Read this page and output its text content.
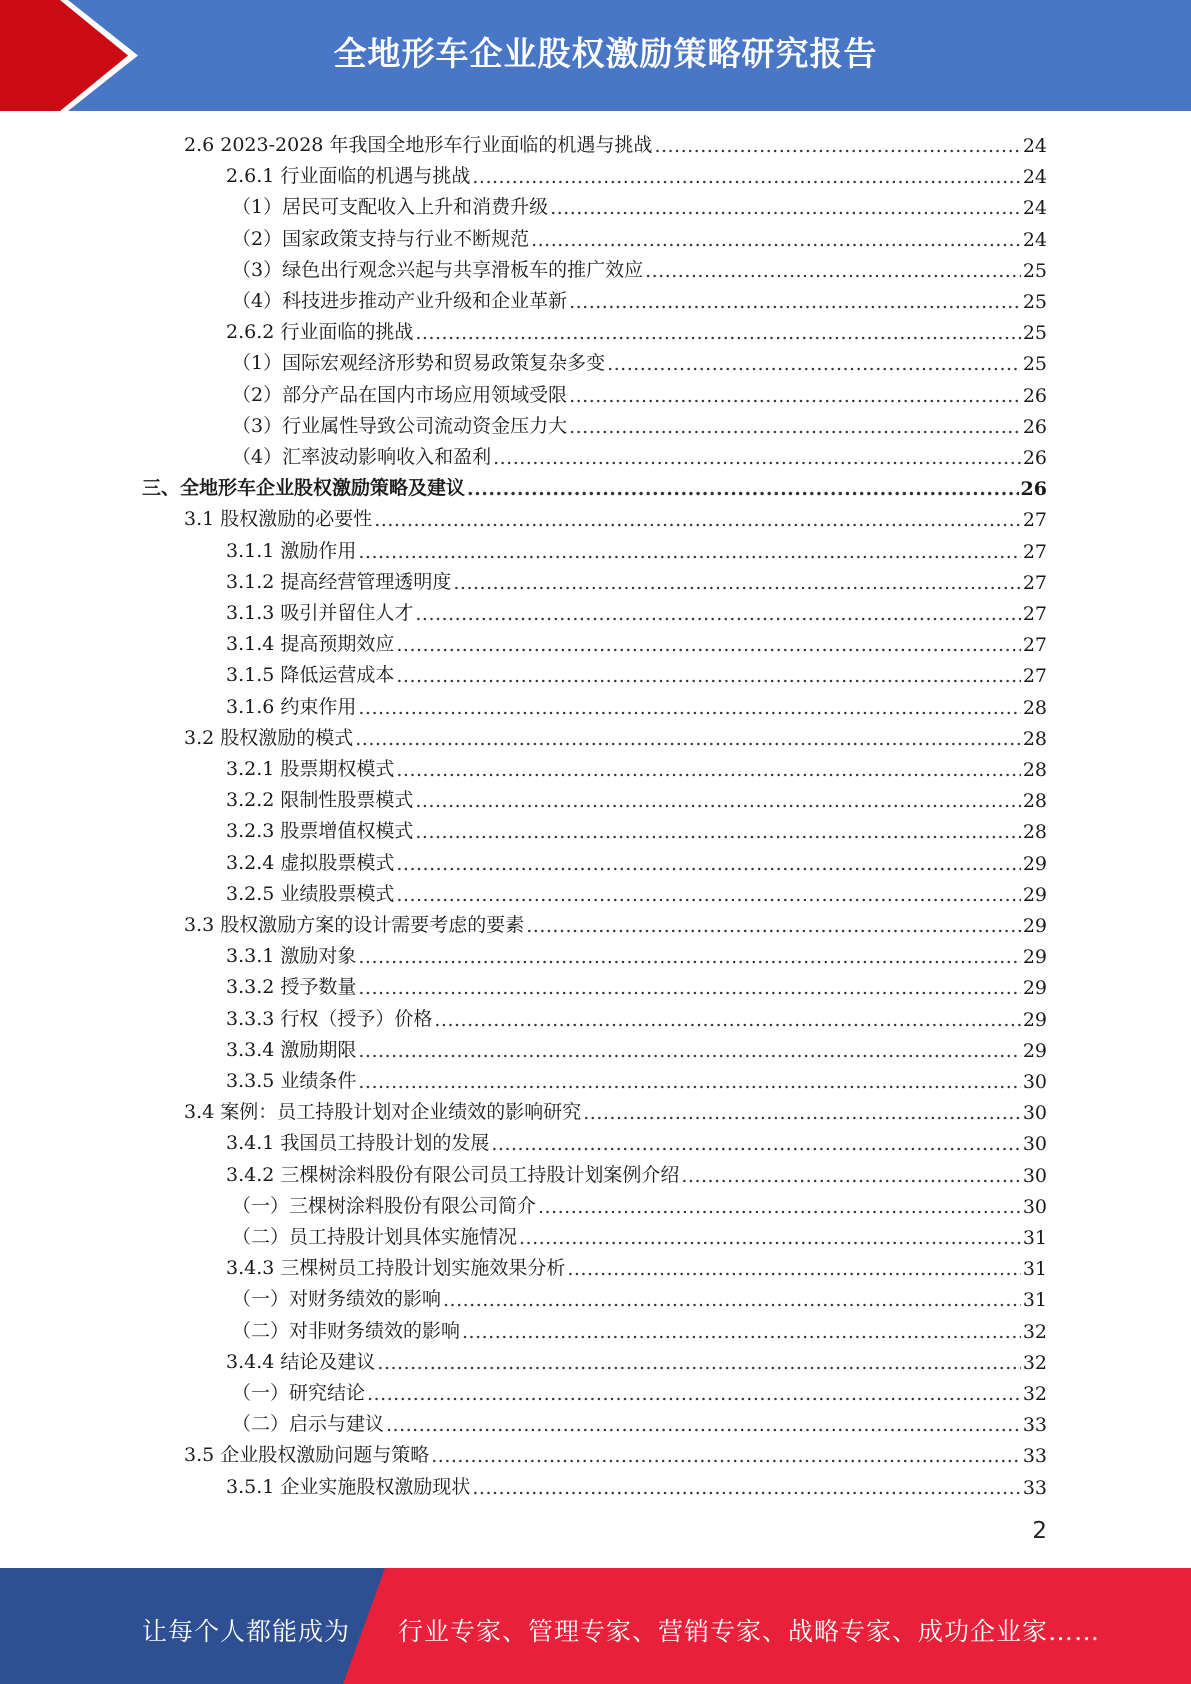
全地形车企业股权激励策略研究报告
2.6 2023-2028 年我国全地形车行业面临的机遇与挑战 .....	24
2.6.1 行业面临的机遇与挑战 .....	24
（1）居民可支配收入上升和消费升级 .....	24
（2）国家政策支持与行业不断规范 .....	24
（3）绿色出行观念兴起与共享滑板车的推广效应 .....	25
（4）科技进步推动产业升级和企业革新 .....	25
2.6.2 行业面临的挑战 .....	25
（1）国际宏观经济形势和贸易政策复杂多变 .....	25
（2）部分产品在国内市场应用领域受限 .....	26
（3）行业属性导致公司流动资金压力大 .....	26
（4）汇率波动影响收入和盈利 .....	26
三、全地形车企业股权激励策略及建议 .....	26
3.1 股权激励的必要性 .....	27
3.1.1 激励作用 .....	27
3.1.2 提高经营管理透明度 .....	27
3.1.3 吸引并留住人才 .....	27
3.1.4 提高预期效应 .....	27
3.1.5 降低运营成本 .....	27
3.1.6 约束作用 .....	28
3.2 股权激励的模式 .....	28
3.2.1 股票期权模式 .....	28
3.2.2 限制性股票模式 .....	28
3.2.3 股票增值权模式 .....	28
3.2.4 虚拟股票模式 .....	29
3.2.5 业绩股票模式 .....	29
3.3 股权激励方案的设计需要考虑的要素 .....	29
3.3.1 激励对象 .....	29
3.3.2 授予数量 .....	29
3.3.3 行权（授予）价格 .....	29
3.3.4 激励期限 .....	29
3.3.5 业绩条件 .....	30
3.4 案例：员工持股计划对企业绩效的影响研究 .....	30
3.4.1 我国员工持股计划的发展 .....	30
3.4.2 三棵树涂料股份有限公司员工持股计划案例介绍 .....	30
（一）三棵树涂料股份有限公司简介 .....	30
（二）员工持股计划具体实施情况 .....	31
3.4.3 三棵树员工持股计划实施效果分析 .....	31
（一）对财务绩效的影响 .....	31
（二）对非财务绩效的影响 .....	32
3.4.4 结论及建议 .....	32
（一）研究结论 .....	32
（二）启示与建议 .....	33
3.5 企业股权激励问题与策略 .....	33
3.5.1 企业实施股权激励现状 .....	33
2
让每个人都能成为 行业专家、管理专家、营销专家、战略专家、成功企业家……
